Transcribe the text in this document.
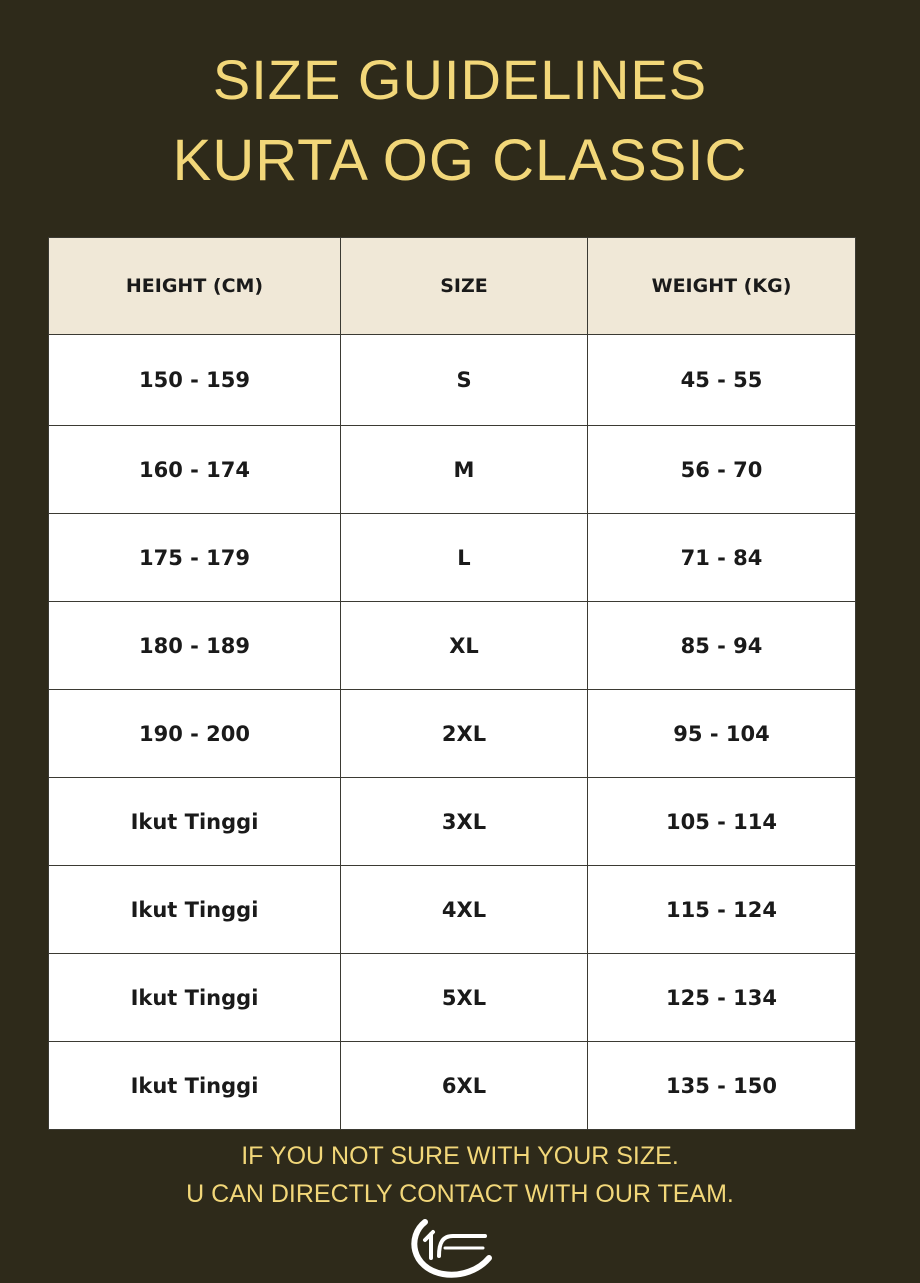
SIZE GUIDELINES
KURTA OG CLASSIC
HEIGHT (CM)	SIZE	WEIGHT (KG)
150 - 159	S	45 - 55
160 - 174	M	56 - 70
175 - 179	L	71 - 84
180 - 189	XL	85 - 94
190 - 200	2XL	95 - 104
Ikut Tinggi	3XL	105 - 114
Ikut Tinggi	4XL	115 - 124
Ikut Tinggi	5XL	125 - 134
Ikut Tinggi	6XL	135 - 150
IF YOU NOT SURE WITH YOUR SIZE.
U CAN DIRECTLY CONTACT WITH OUR TEAM.
